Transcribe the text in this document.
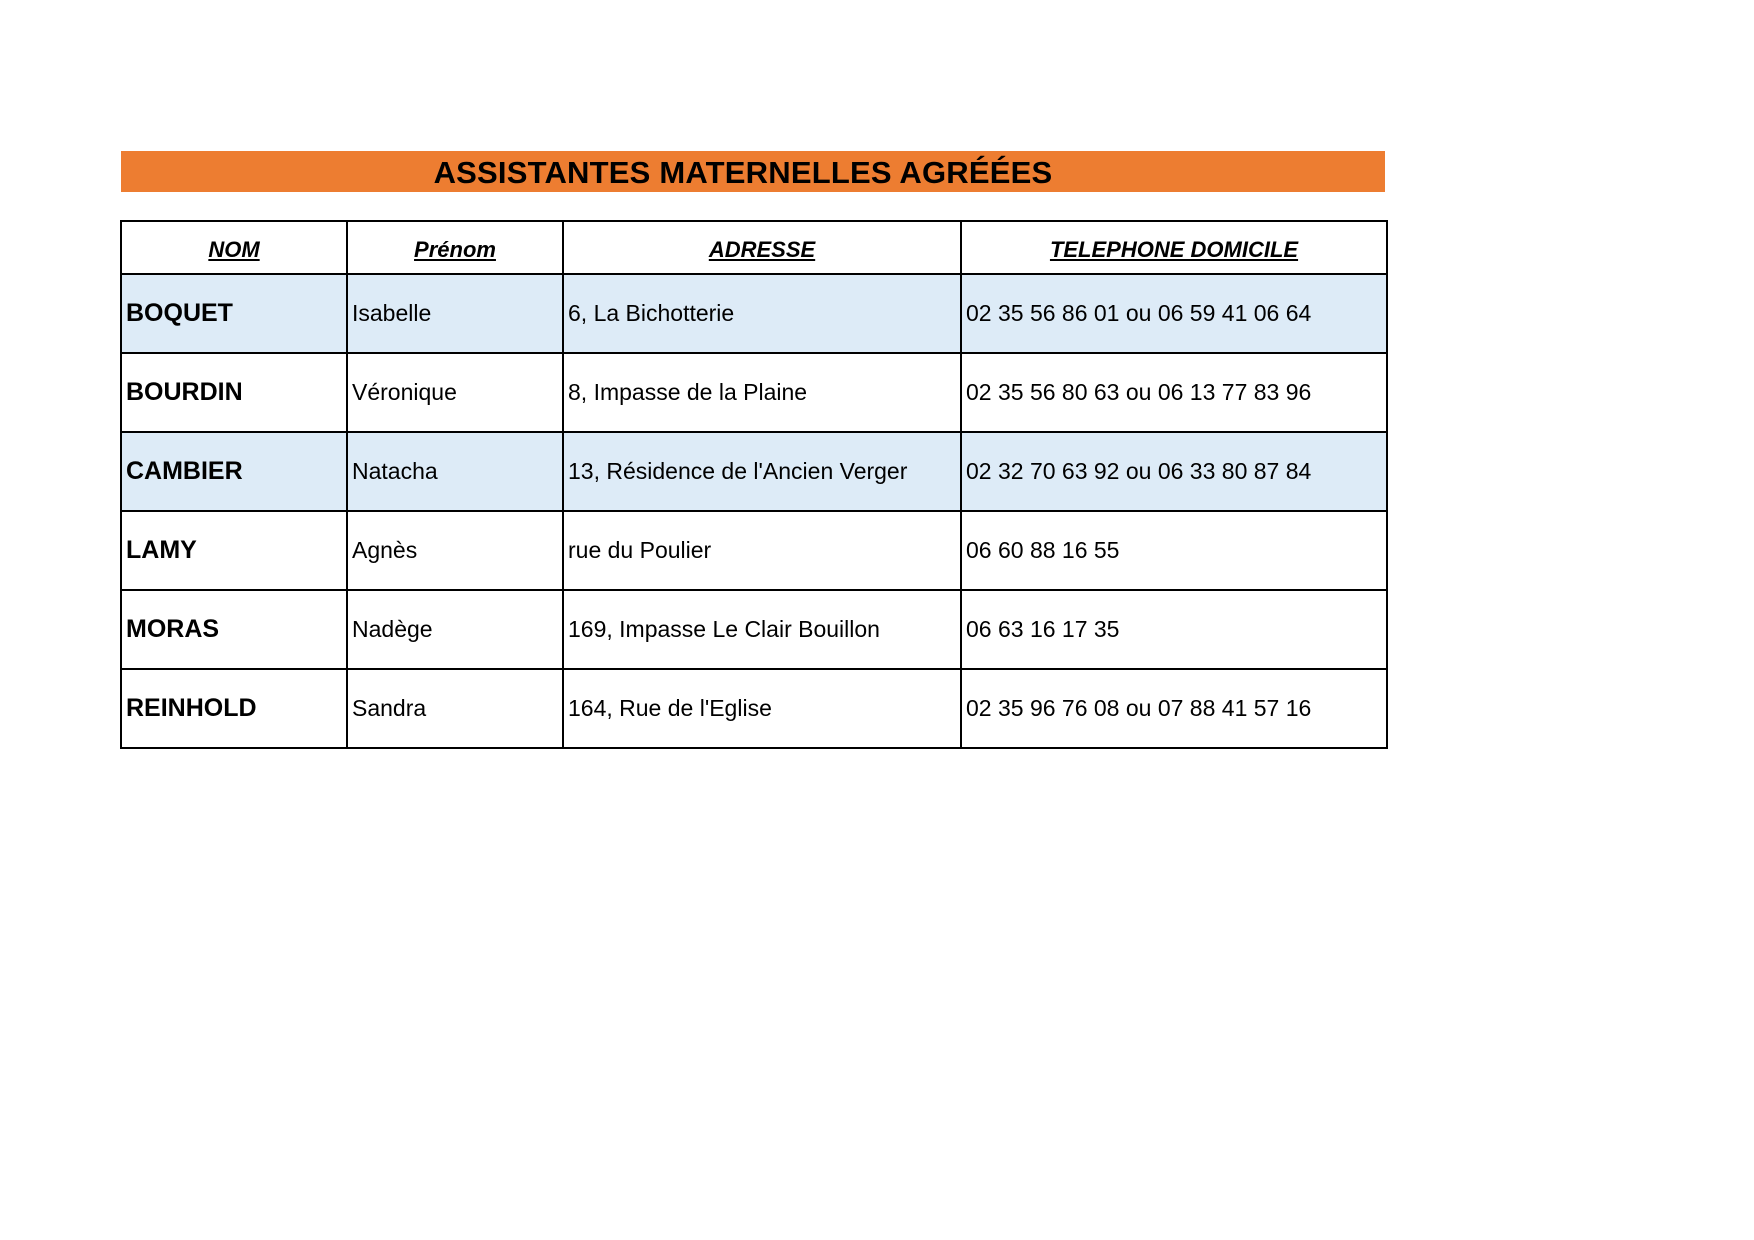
ASSISTANTES MATERNELLES AGRÉÉES
NOM	Prénom	ADRESSE	TELEPHONE DOMICILE
BOQUET	Isabelle	6, La Bichotterie	02 35 56 86 01 ou 06 59 41 06 64
BOURDIN	Véronique	8, Impasse de la Plaine	02 35 56 80 63 ou 06 13 77 83 96
CAMBIER	Natacha	13, Résidence de l'Ancien Verger	02 32 70 63 92 ou 06 33 80 87 84
LAMY	Agnès	rue du Poulier	06 60 88 16 55
MORAS	Nadège	169, Impasse Le Clair Bouillon	06 63 16 17 35
REINHOLD	Sandra	164, Rue de l'Eglise	02 35 96 76 08 ou 07 88 41 57 16
